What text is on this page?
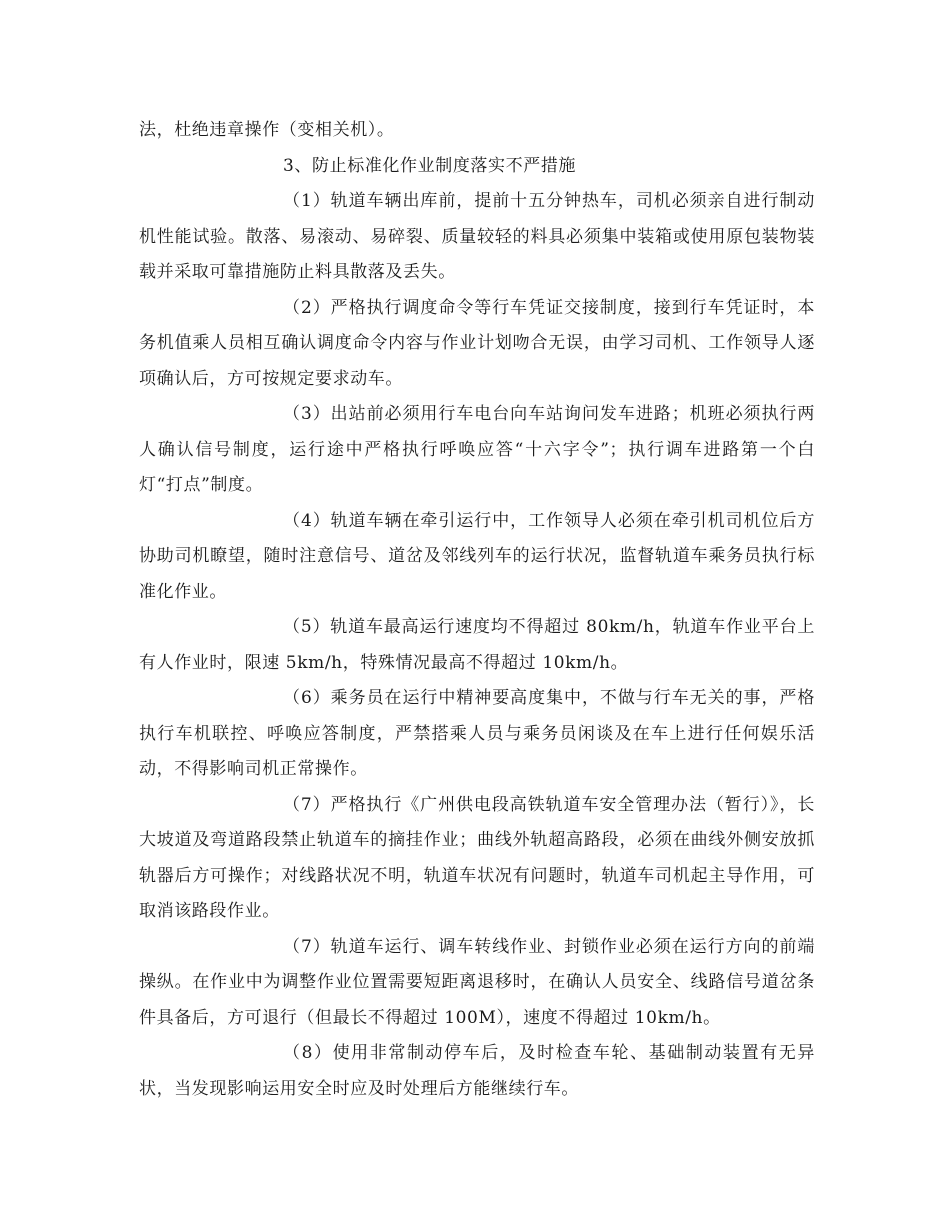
法，杜绝违章操作（变相关机）。

3、防止标准化作业制度落实不严措施

（1）轨道车辆出库前，提前十五分钟热车，司机必须亲自进行制动机性能试验。散落、易滚动、易碎裂、质量较轻的料具必须集中装箱或使用原包装物装载并采取可靠措施防止料具散落及丢失。

（2）严格执行调度命令等行车凭证交接制度，接到行车凭证时，本务机值乘人员相互确认调度命令内容与作业计划吻合无误，由学习司机、工作领导人逐项确认后，方可按规定要求动车。

（3）出站前必须用行车电台向车站询问发车进路；机班必须执行两人确认信号制度，运行途中严格执行呼唤应答“十六字令”；执行调车进路第一个白灯“打点”制度。

（4）轨道车辆在牵引运行中，工作领导人必须在牵引机司机位后方协助司机瞭望，随时注意信号、道岔及邻线列车的运行状况，监督轨道车乘务员执行标准化作业。

（5）轨道车最高运行速度均不得超过 80km/h，轨道车作业平台上有人作业时，限速 5km/h，特殊情况最高不得超过 10km/h。

（6）乘务员在运行中精神要高度集中，不做与行车无关的事，严格执行车机联控、呼唤应答制度，严禁搭乘人员与乘务员闲谈及在车上进行任何娱乐活动，不得影响司机正常操作。

（7）严格执行《广州供电段高铁轨道车安全管理办法（暂行）》，长大坡道及弯道路段禁止轨道车的摘挂作业；曲线外轨超高路段，必须在曲线外侧安放抓轨器后方可操作；对线路状况不明，轨道车状况有问题时，轨道车司机起主导作用，可取消该路段作业。

（7）轨道车运行、调车转线作业、封锁作业必须在运行方向的前端操纵。在作业中为调整作业位置需要短距离退移时，在确认人员安全、线路信号道岔条件具备后，方可退行（但最长不得超过 100M），速度不得超过 10km/h。

（8）使用非常制动停车后，及时检查车轮、基础制动装置有无异状，当发现影响运用安全时应及时处理后方能继续行车。
